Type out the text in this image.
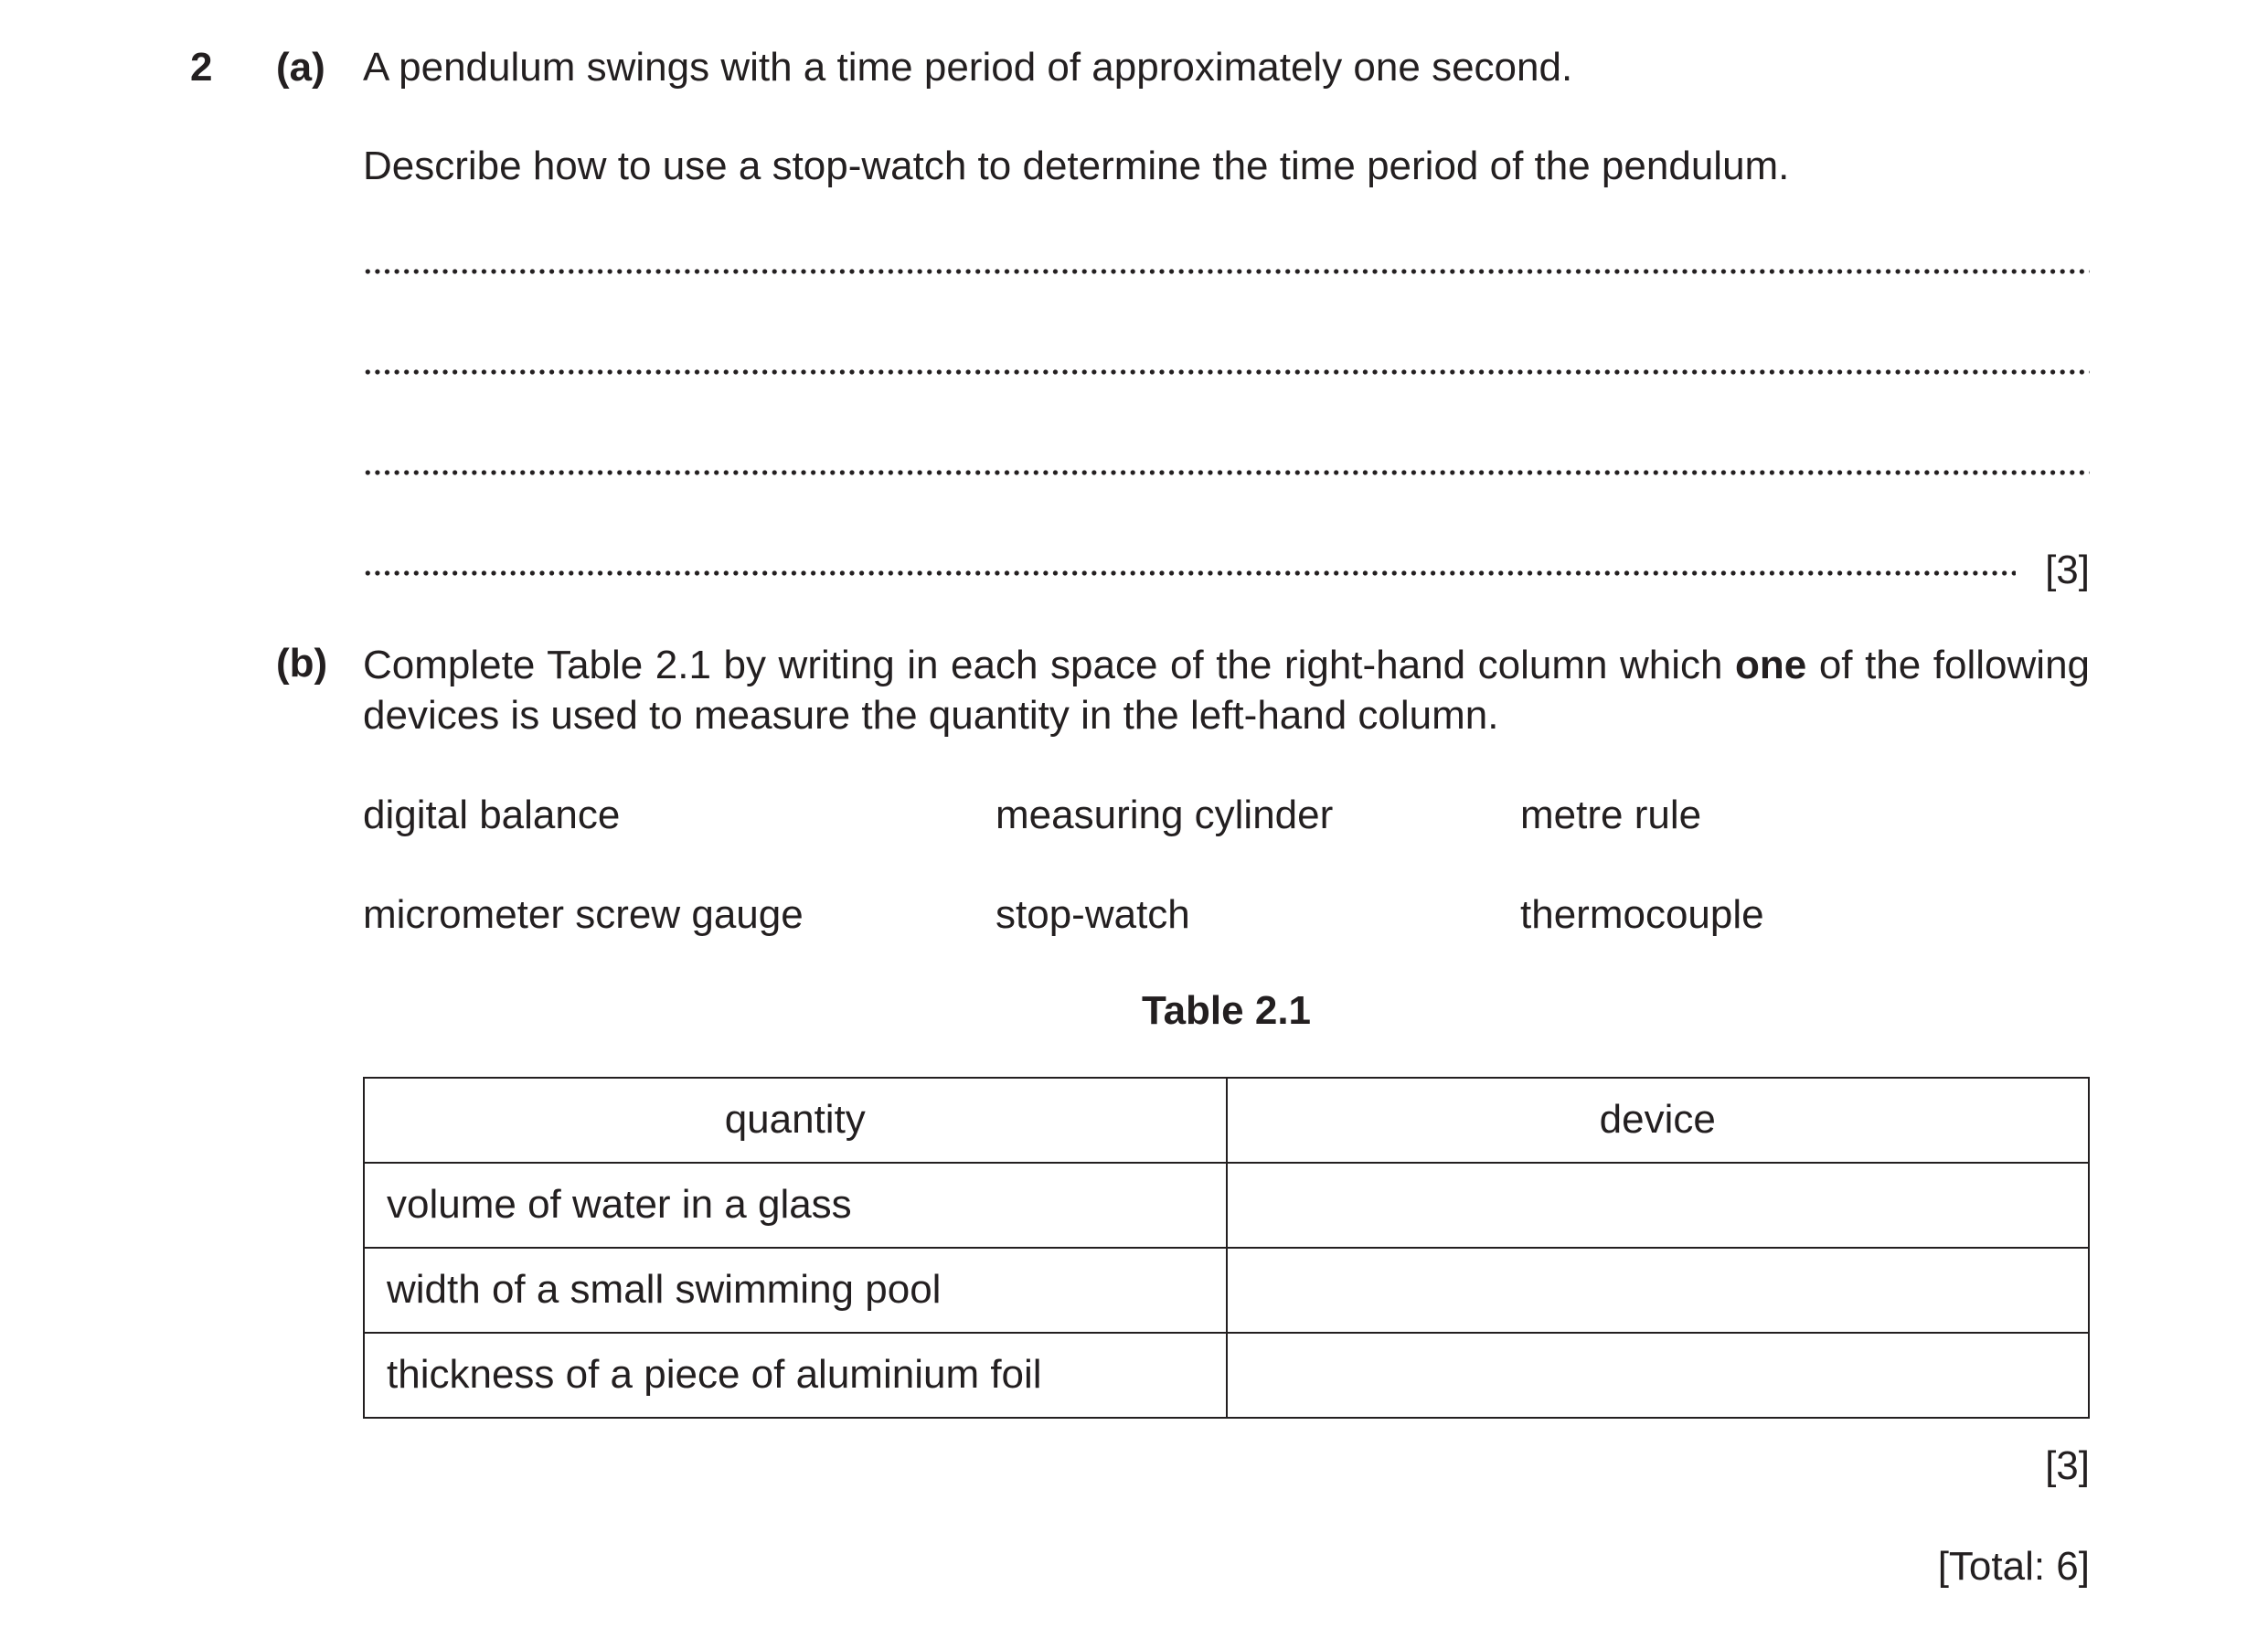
2 (a) A pendulum swings with a time period of approximately one second.
Describe how to use a stop-watch to determine the time period of the pendulum.
[3]
(b) Complete Table 2.1 by writing in each space of the right-hand column which one of the following devices is used to measure the quantity in the left-hand column.
digital balance	measuring cylinder	metre rule
micrometer screw gauge	stop-watch	thermocouple
Table 2.1
quantity	device
volume of water in a glass	
width of a small swimming pool	
thickness of a piece of aluminium foil	
[3]
[Total: 6]
